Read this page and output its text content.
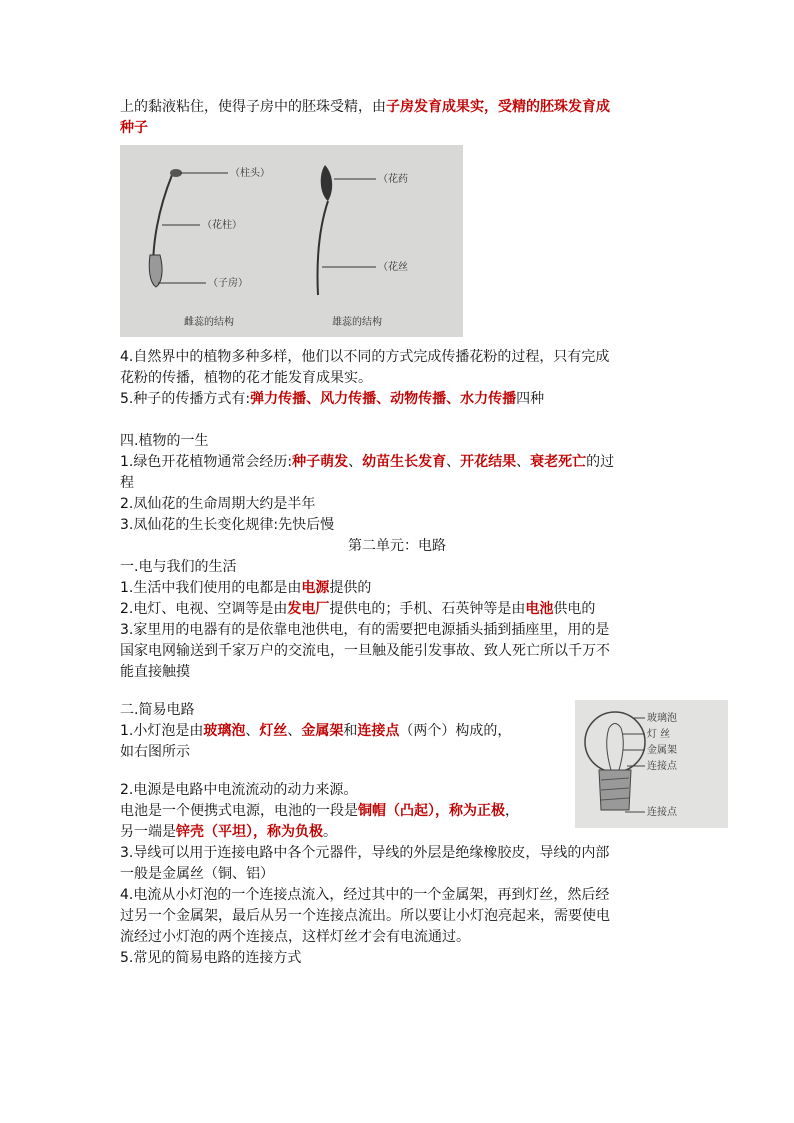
上的黏液粘住，使得子房中的胚珠受精，由子房发育成果实，受精的胚珠发育成
种子
（柱头）
（花柱）
（子房）
（花药
（花丝
雌蕊的结构	雄蕊的结构
4.自然界中的植物多种多样，他们以不同的方式完成传播花粉的过程，只有完成
花粉的传播，植物的花才能发育成果实。
5.种子的传播方式有:弹力传播、风力传播、动物传播、水力传播四种
四.植物的一生
1.绿色开花植物通常会经历:种子萌发、幼苗生长发育、开花结果、衰老死亡的过
程
2.凤仙花的生命周期大约是半年
3.凤仙花的生长变化规律:先快后慢
第二单元：电路
一.电与我们的生活
1.生活中我们使用的电都是由电源提供的
2.电灯、电视、空调等是由发电厂提供电的；手机、石英钟等是由电池供电的
3.家里用的电器有的是依靠电池供电，有的需要把电源插头插到插座里，用的是
国家电网输送到千家万户的交流电，一旦触及能引发事故、致人死亡所以千万不
能直接触摸
二.简易电路
1.小灯泡是由玻璃泡、灯丝、金属架和连接点（两个）构成的，
如右图所示
2.电源是电路中电流流动的动力来源。
电池是一个便携式电源，电池的一段是铜帽（凸起），称为正极，
另一端是锌壳（平坦），称为负极。
3.导线可以用于连接电路中各个元器件，导线的外层是绝缘橡胶皮，导线的内部
一般是金属丝（铜、铝）
4.电流从小灯泡的一个连接点流入，经过其中的一个金属架，再到灯丝，然后经
过另一个金属架，最后从另一个连接点流出。所以要让小灯泡亮起来，需要使电
流经过小灯泡的两个连接点，这样灯丝才会有电流通过。
5.常见的简易电路的连接方式
玻璃泡
灯 丝
金属架
连接点
连接点
